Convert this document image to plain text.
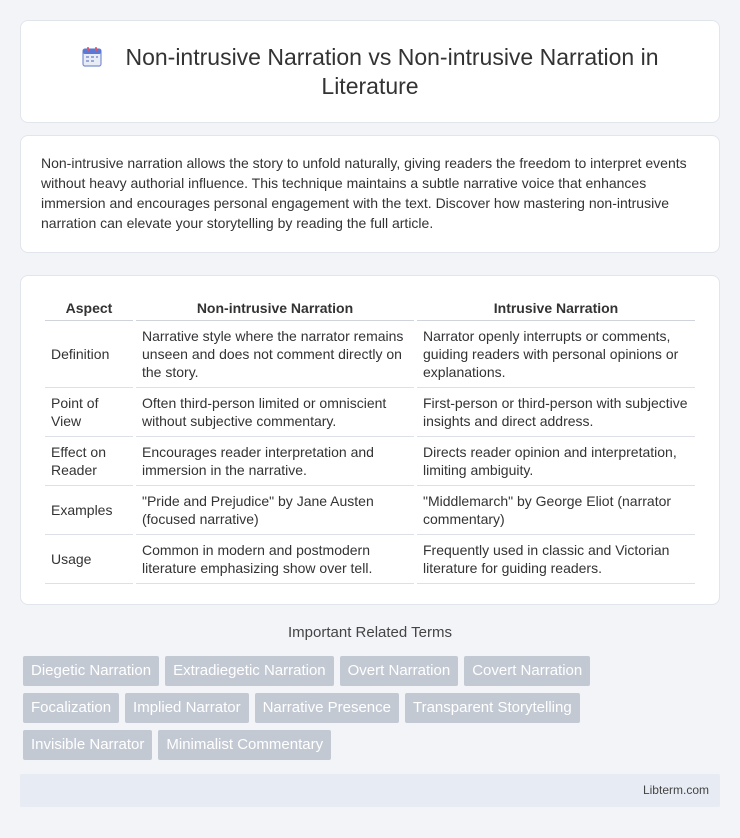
Non-intrusive Narration vs Non-intrusive Narration in Literature

Non-intrusive narration allows the story to unfold naturally, giving readers the freedom to interpret events without heavy authorial influence. This technique maintains a subtle narrative voice that enhances immersion and encourages personal engagement with the text. Discover how mastering non-intrusive narration can elevate your storytelling by reading the full article.

Aspect	Non-intrusive Narration	Intrusive Narration
Definition	Narrative style where the narrator remains unseen and does not comment directly on the story.	Narrator openly interrupts or comments, guiding readers with personal opinions or explanations.
Point of View	Often third-person limited or omniscient without subjective commentary.	First-person or third-person with subjective insights and direct address.
Effect on Reader	Encourages reader interpretation and immersion in the narrative.	Directs reader opinion and interpretation, limiting ambiguity.
Examples	"Pride and Prejudice" by Jane Austen (focused narrative)	"Middlemarch" by George Eliot (narrator commentary)
Usage	Common in modern and postmodern literature emphasizing show over tell.	Frequently used in classic and Victorian literature for guiding readers.
Important Related Terms
Diegetic Narration	Extradiegetic Narration	Overt Narration	Covert Narration
Focalization	Implied Narrator	Narrative Presence	Transparent Storytelling
Invisible Narrator	Minimalist Commentary
Libterm.com
